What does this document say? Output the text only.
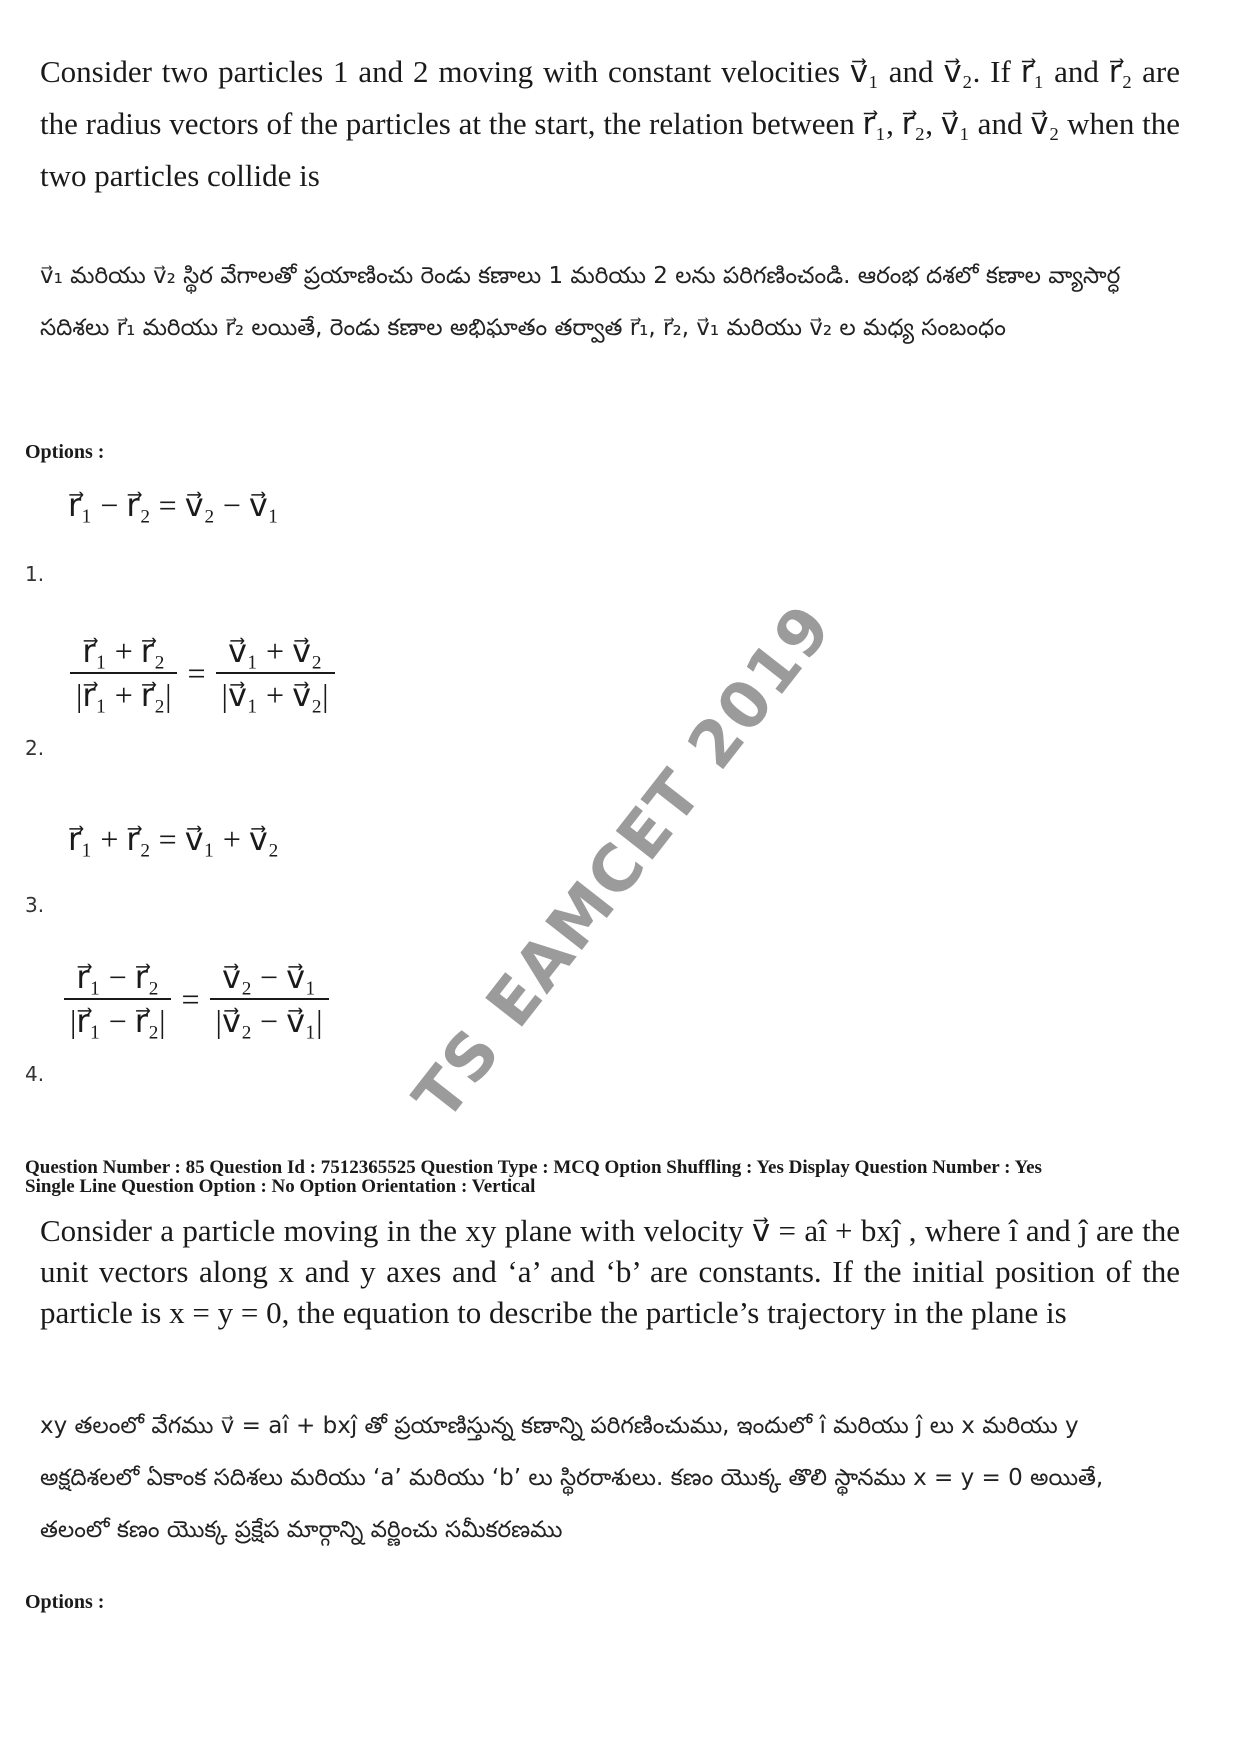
Consider two particles 1 and 2 moving with constant velocities v⃗₁ and v⃗₂. If r⃗₁ and r⃗₂ are the radius vectors of the particles at the start, the relation between r⃗₁, r⃗₂, v⃗₁ and v⃗₂ when the two particles collide is
v⃗₁ మరియు v⃗₂ స్థిర వేగాలతో ప్రయాణించు రెండు కణాలు 1 మరియు 2 లను పరిగణించండి. ఆరంభ దశలో కణాల వ్యాసార్ధ సదిశలు r⃗₁ మరియు r⃗₂ లయితే, రెండు కణాల అభిఘాతం తర్వాత r⃗₁, r⃗₂, v⃗₁ మరియు v⃗₂ ల మధ్య సంబంధం
Options :
r⃗₁ − r⃗₂ = v⃗₂ − v⃗₁
1.
$\frac{\text{r⃗₁ + r⃗₂}}{\text{|r⃗₁ + r⃗₂|}} = \frac{\text{v⃗₁ + v⃗₂}}{\text{|v⃗₁ + v⃗₂|}}$
2.
r⃗₁ + r⃗₂ = v⃗₁ + v⃗₂
3.
$\frac{\text{r⃗₁ − r⃗₂}}{\text{|r⃗₁ − r⃗₂|}} = \frac{\text{v⃗₂ − v⃗₁}}{\text{|v⃗₂ − v⃗₁|}}$
4.	TS EAMCET 2019
Question Number : 85 Question Id : 7512365525 Question Type : MCQ Option Shuffling : Yes Display Question Number : Yes
Single Line Question Option : No Option Orientation : Vertical
Consider a particle moving in the xy plane with velocity v⃗ = aî + bxĵ , where î and ĵ are the unit vectors along x and y axes and ‘a’ and ‘b’ are constants. If the initial position of the particle is x = y = 0, the equation to describe the particle’s trajectory in the plane is
xy తలంలో వేగము v⃗ = aî + bxĵ తో ప్రయాణిస్తున్న కణాన్ని పరిగణించుము, ఇందులో î మరియు ĵ లు x మరియు y అక్షదిశలలో ఏకాంక సదిశలు మరియు ‘a’ మరియు ‘b’ లు స్థిరరాశులు. కణం యొక్క తొలి స్థానము x = y = 0 అయితే, తలంలో కణం యొక్క ప్రక్షేప మార్గాన్ని వర్ణించు సమీకరణము
Options :
